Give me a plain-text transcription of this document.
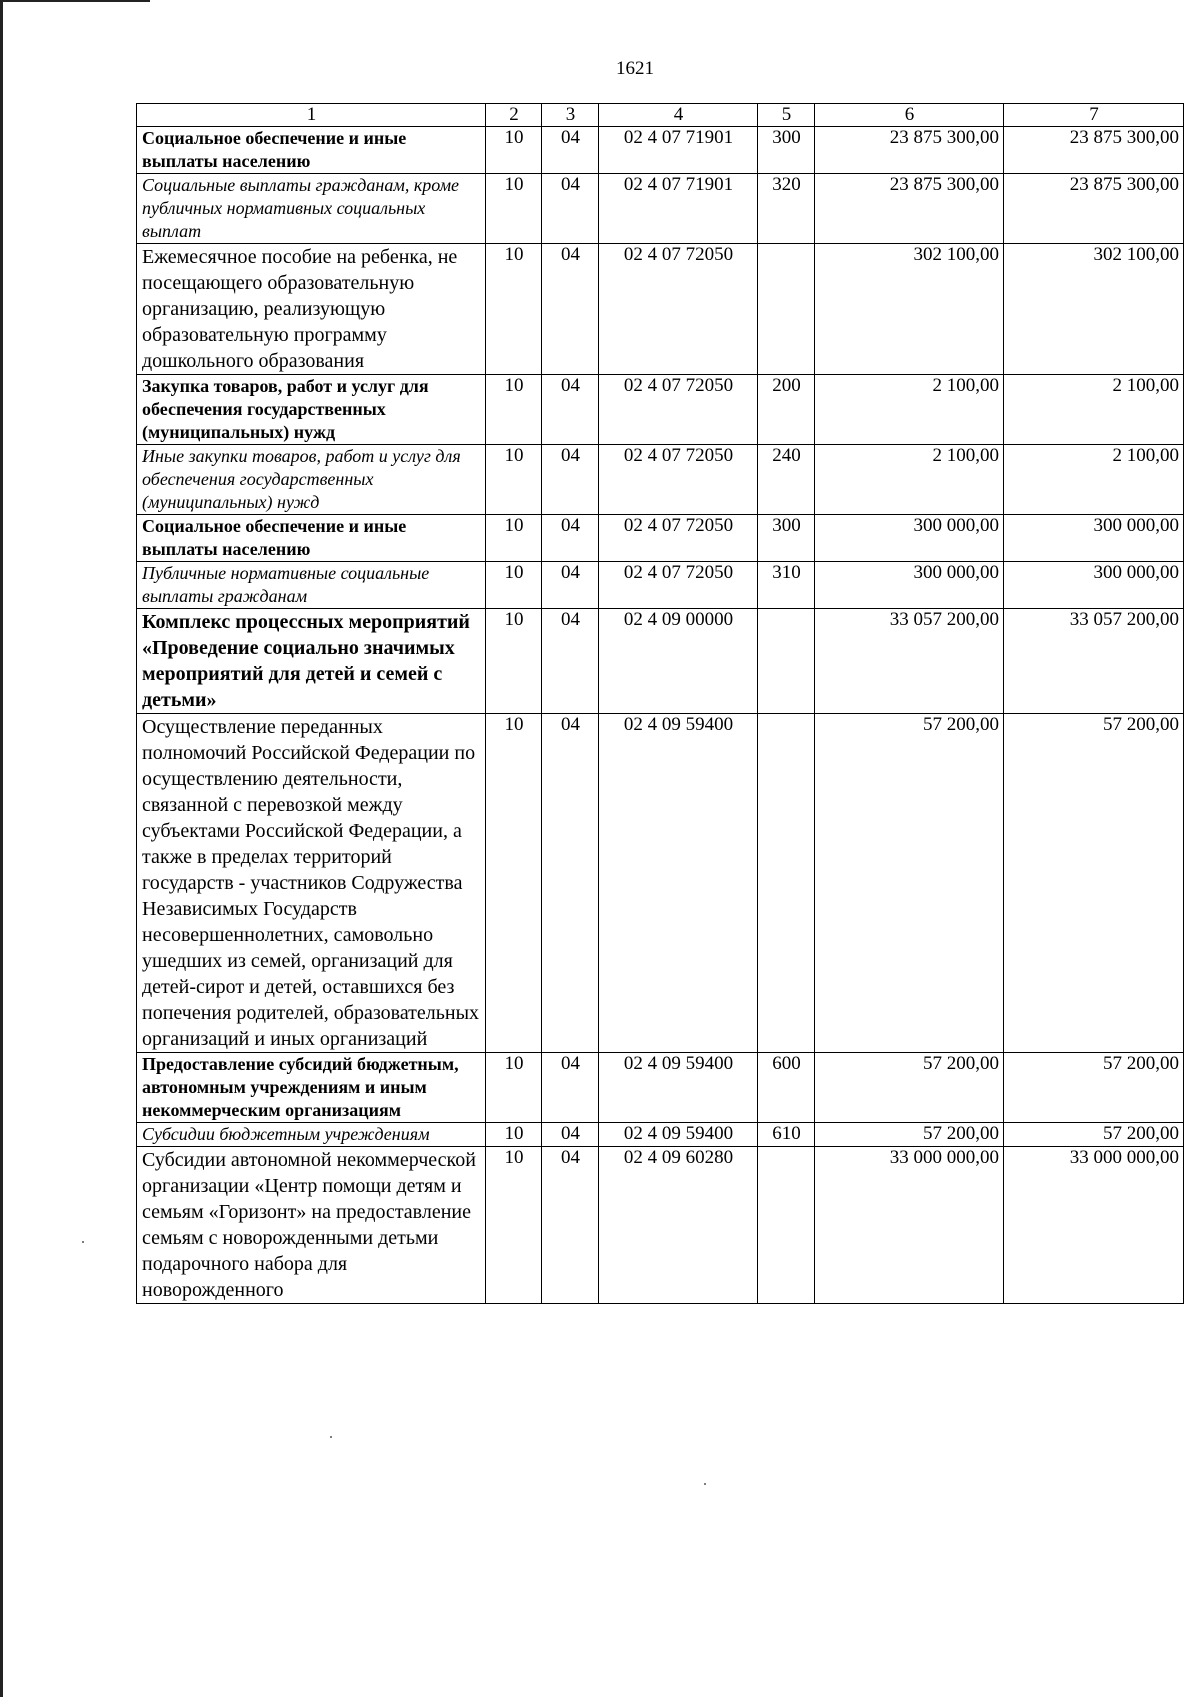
1621
1	2	3	4	5	6	7
Социальное обеспечение и иные выплаты населению	10	04	02 4 07 71901	300	23 875 300,00	23 875 300,00
Социальные выплаты гражданам, кроме публичных нормативных социальных выплат	10	04	02 4 07 71901	320	23 875 300,00	23 875 300,00
Ежемесячное пособие на ребенка, не посещающего образовательную организацию, реализующую образовательную программу дошкольного образования	10	04	02 4 07 72050		302 100,00	302 100,00
Закупка товаров, работ и услуг для обеспечения государственных (муниципальных) нужд	10	04	02 4 07 72050	200	2 100,00	2 100,00
Иные закупки товаров, работ и услуг для обеспечения государственных (муниципальных) нужд	10	04	02 4 07 72050	240	2 100,00	2 100,00
Социальное обеспечение и иные выплаты населению	10	04	02 4 07 72050	300	300 000,00	300 000,00
Публичные нормативные социальные выплаты гражданам	10	04	02 4 07 72050	310	300 000,00	300 000,00
Комплекс процессных мероприятий «Проведение социально значимых мероприятий для детей и семей с детьми»	10	04	02 4 09 00000		33 057 200,00	33 057 200,00
Осуществление переданных полномочий Российской Федерации по осуществлению деятельности, связанной с перевозкой между субъектами Российской Федерации, а также в пределах территорий государств - участников Содружества Независимых Государств несовершеннолетних, самовольно ушедших из семей, организаций для детей-сирот и детей, оставшихся без попечения родителей, образовательных организаций и иных организаций	10	04	02 4 09 59400		57 200,00	57 200,00
Предоставление субсидий бюджетным, автономным учреждениям и иным некоммерческим организациям	10	04	02 4 09 59400	600	57 200,00	57 200,00
Субсидии бюджетным учреждениям	10	04	02 4 09 59400	610	57 200,00	57 200,00
Субсидии автономной некоммерческой организации «Центр помощи детям и семьям «Горизонт» на предоставление семьям с новорожденными детьми подарочного набора для новорожденного	10	04	02 4 09 60280		33 000 000,00	33 000 000,00
